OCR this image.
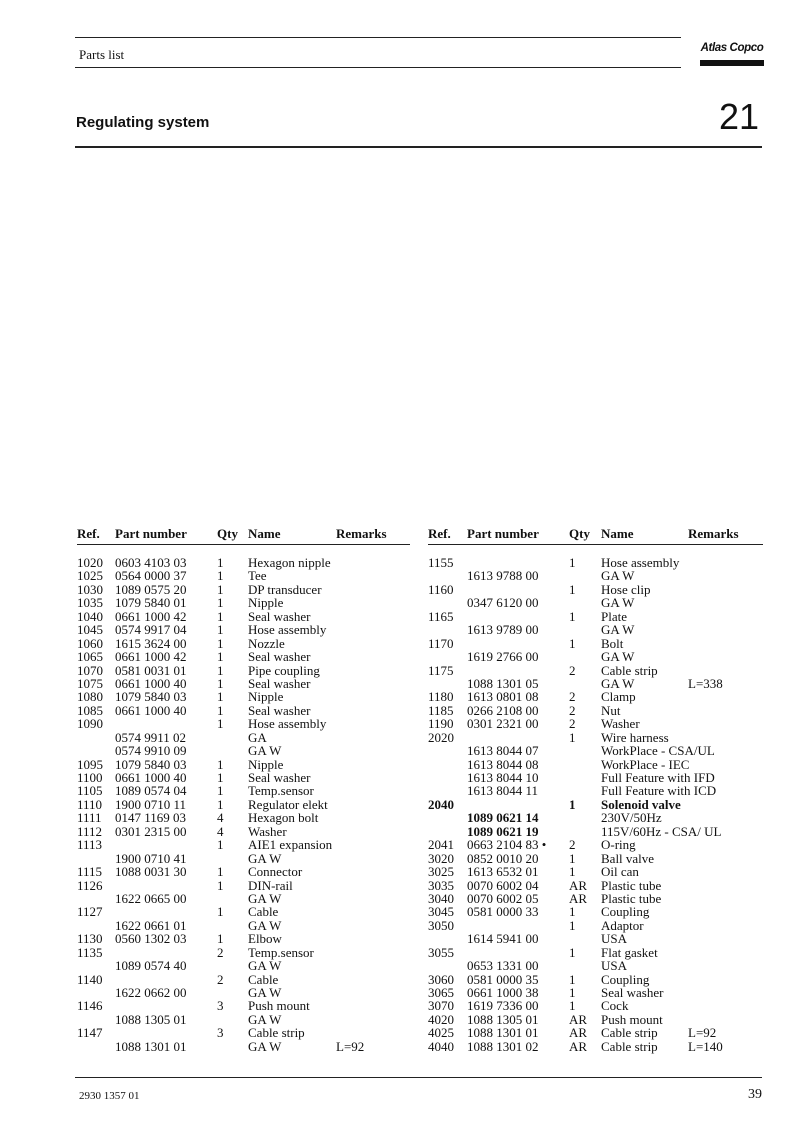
Parts list	Atlas Copco
Regulating system	21
Ref. Part number Qty Name	Remarks
1020 0603 4103 03 1 Hexagon nipple
1025 0564 0000 37 1 Tee
1030 1089 0575 20 1 DP transducer
1035 1079 5840 01 1 Nipple
1040 0661 1000 42 1 Seal washer
1045 0574 9917 04 1 Hose assembly
1060 1615 3624 00 1 Nozzle
1065 0661 1000 42 1 Seal washer
1070 0581 0031 01 1 Pipe coupling
1075 0661 1000 40 1 Seal washer
1080 1079 5840 03 1 Nipple
1085 0661 1000 40 1 Seal washer
1090	1 Hose assembly
0574 9911 02	GA
0574 9910 09	GA W
1095 1079 5840 03 1 Nipple
1100 0661 1000 40 1 Seal washer
1105 1089 0574 04 1 Temp.sensor
1110 1900 0710 11 1 Regulator elekt
1111 0147 1169 03 4 Hexagon bolt
1112 0301 2315 00 4 Washer
1113	1 AIE1 expansion
1900 0710 41	GA W
1115 1088 0031 30 1 Connector
1126	1 DIN-rail
1622 0665 00	GA W
1127	1 Cable
1622 0661 01	GA W
1130 0560 1302 03 1 Elbow
1135	2 Temp.sensor
1089 0574 40	GA W
1140	2 Cable
1622 0662 00	GA W
1146	3 Push mount
1088 1305 01	GA W
1147	3 Cable strip
1088 1301 01	GA W	L=92
Ref. Part number Qty Name	Remarks
1155	1 Hose assembly
1613 9788 00	GA W
1160	1 Hose clip
0347 6120 00	GA W
1165	1 Plate
1613 9789 00	GA W
1170	1 Bolt
1619 2766 00	GA W
1175	2 Cable strip
1088 1301 05	GA W	L=338
1180 1613 0801 08 2 Clamp
1185 0266 2108 00 2 Nut
1190 0301 2321 00 2 Washer
2020	1 Wire harness
1613 8044 07	WorkPlace - CSA/UL
1613 8044 08	WorkPlace - IEC
1613 8044 10	Full Feature with IFD
1613 8044 11	Full Feature with ICD
2040	1 Solenoid valve
1089 0621 14	230V/50Hz
1089 0621 19	115V/60Hz - CSA/ UL
2041 0663 2104 83 • 2 O-ring
3020 0852 0010 20 1 Ball valve
3025 1613 6532 01 1 Oil can
3035 0070 6002 04 AR Plastic tube
3040 0070 6002 05 AR Plastic tube
3045 0581 0000 33 1 Coupling
3050	1 Adaptor
1614 5941 00	USA
3055	1 Flat gasket
0653 1331 00	USA
3060 0581 0000 35 1 Coupling
3065 0661 1000 38 1 Seal washer
3070 1619 7336 00 1 Cock
4020 1088 1305 01 AR Push mount
4025 1088 1301 01 AR Cable strip L=92
4040 1088 1301 02 AR Cable strip L=140
2930 1357 01	39
